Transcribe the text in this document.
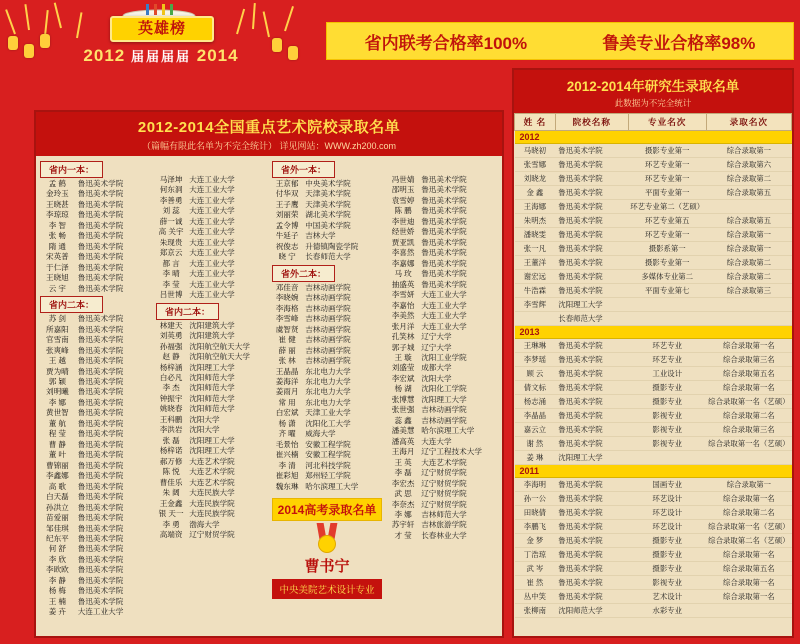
英雄榜
2012 届届届届 2014
省内联考合格率100%	鲁美专业合格率98%
2012-2014全国重点艺术院校录取名单
（篇幅有限此名单为不完全统计） 详见网站：WWW.zh200.com
省内一本：
孟 鹤	鲁迅美术学院
金玲玉	鲁迅美术学院
王晓甚	鲁迅美术学院
李琼琼	鲁迅美术学院
李 智	鲁迅美术学院
张 畅	鲁迅美术学院
隋 通	鲁迅美术学院
宋英普	鲁迅美术学院
于仁泽	鲁迅美术学院
王晓旭	鲁迅美术学院
云 宇	鲁迅美术学院
省内二本：
苏 剑	鲁迅美术学院
所嘉阳	鲁迅美术学院
官雪南	鲁迅美术学院
张爽峰	鲁迅美术学院
王 越	鲁迅美术学院
贾为晴	鲁迅美术学院
郭 颖	鲁迅美术学院
刘明曦	鲁迅美术学院
李 娜	鲁迅美术学院
黄世智	鲁迅美术学院
董 航	鲁迅美术学院
程 莹	鲁迅美术学院
曹 静	鲁迅美术学院
董 叶	鲁迅美术学院
曹锦丽	鲁迅美术学院
李鑫娜	鲁迅美术学院
高 歌	鲁迅美术学院
白天磊	鲁迅美术学院
孙洪立	鲁迅美术学院
苗爱丽	鲁迅美术学院
邹佳琪	鲁迅美术学院
纪东平	鲁迅美术学院
何 舒	鲁迅美术学院
李 欣	鲁迅美术学院
李欧欧	鲁迅美术学院
李 静	鲁迅美术学院
杨 梅	鲁迅美术学院
王 楠	鲁迅美术学院
姜 卉	大连工业大学
马泽坤	大连工业大学
何东洞	大连工业大学
李善勇	大连工业大学
刘 蕊	大连工业大学
薛一诚	大连工业大学
高 关宇	大连工业大学
朱现贵	大连工业大学
郑京云	大连工业大学
都 言	大连工业大学
李 晴	大连工业大学
李 莹	大连工业大学
吕世博	大连工业大学
省内二本：
林建天	沈阳建筑大学
刘英勇	沈阳建筑大学
孙福强	沈阳航空航天大学
赵 静	沈阳航空航天大学
杨梓涵	沈阳理工大学
白必凡	沈阳师范大学
李 杰	沈阳师范大学
钟振宇	沈阳师范大学
姚晓春	沈阳师范大学
王科鹏	沈阳大学
李洪岩	沈阳大学
张 磊	沈阳理工大学
杨梓诺	沈阳理工大学
郝万修	大连艺术学院
陈 悦	大连艺术学院
曹佳乐	大连艺术学院
朱 阔	大连民族大学
王金鑫	大连民族学院
银 天一	大连民族学院
李 勇	渤海大学
高端资	辽宁财贸学院
省外一本：
王京郁	中央美术学院
付华双	天津美术学院
王子鹰	天津美术学院
刘丽荣	湖北美术学院
孟令博	中国美术学院
牛延子	吉林大学
祝俊志	升德镇陶瓷学院
晓 宁	长春师范大学
省外二本：
邓佳音	吉林动画学院
李晓婉	吉林动画学院
李海格	吉林动画学院
李雪峰	吉林动画学院
虞智贤	吉林动画学院
崔 健	吉林动画学院
薛 丽	吉林动画学院
张 林	吉林动画学院
王晶晶	东北电力大学
姜海洋	东北电力大学
姜雨月	东北电力大学
常 用	东北电力大学
白宏斌	天津工业大学
杨 潇	沈阳化工大学
齐 曜	威海大学
毛景怡	安徽工程学院
崔兴楠	安徽工程学院
李 清	河北科技学院
崔彩旭	郑州轻工学院
魏东琳	哈尔滨理工大学
2014高考录取名单
曹书宁
中央美院艺术设计专业
冯世婧	鲁迅美术学院
邵明玉	鲁迅美术学院
袁雪婷	鲁迅美术学院
陈 鹏	鲁迅美术学院
李世迪	鲁迅美术学院
经世娇	鲁迅美术学院
贾亚凯	鲁迅美术学院
李喜然	鲁迅美术学院
李嘉娜	鲁迅美术学院
马 玫	鲁迅美术学院
抽盛英	鲁迅美术学院
李雪妍	大连工业大学
李嘉怡	大连工业大学
李美然	大连工业大学
张月洋	大连工业大学
孔笑林	辽宁大学
郭子城	辽宁大学
王 璇	沈阳工业学院
刘盛莹	成都大学
李宏斌	沈阳大学
杨 湖	沈阳化工学院
张博慧	沈阳理工大学
张世强	吉林动画学院
蕊 鑫	吉林动画学院
潘美慧	哈尔滨理工大学
潘高英	大连大学
王海月	辽宁工程技术大学
王 英	大连艺术学院
李 磊	辽宁财贸学院
李宏杰	辽宁财贸学院
武 思	辽宁财贸学院
李奈杰	辽宁财贸学院
李 娜	吉林师范大学
苏宇轩	吉林旅游学院
才 莹	长春林业大学
2012-2014年研究生录取名单
此数据为不完全统计
姓 名	院校名称	专业名次	录取名次
2012			
马晓初	鲁迅美术学院	摄影专业第一	综合录取第一
张雪娜	鲁迅美术学院	环艺专业第一	综合录取第六
刘晓龙	鲁迅美术学院	环艺专业第一	综合录取第二
金 鑫	鲁迅美术学院	平面专业第一	综合录取第五
王海娜	鲁迅美术学院	环艺专业第二（艺硕）	
朱明杰	鲁迅美术学院	环艺专业第五	综合录取第五
潘晓雯	鲁迅美术学院	环艺专业第一	综合录取第一
张一凡	鲁迅美术学院	摄影系第一	综合录取第一
王董洋	鲁迅美术学院	摄影专业第一	综合录取第二
谢宏远	鲁迅美术学院	多媒体专业第二	综合录取第二
牛浩霖	鲁迅美术学院	平面专业第七	综合录取第三
李雪辉	沈阳理工大学		
	长春师范大学		
2013			
王琳琳	鲁迅美术学院	环艺专业	综合录取第一名
李梦瑶	鲁迅美术学院	环艺专业	综合录取第三名
顾 云	鲁迅美术学院	工业设计	综合录取第五名
倩文标	鲁迅美术学院	摄影专业	综合录取第一名
杨志涌	鲁迅美术学院	摄影专业	综合录取第一名（艺硕）
李晶晶	鲁迅美术学院	影视专业	综合录取第二名
嘉云立	鲁迅美术学院	影视专业	综合录取第三名
谢 然	鲁迅美术学院	影视专业	综合录取第一名（艺硕）
姜 琳	沈阳理工大学		
2011			
李海明	鲁迅美术学院	国画专业	综合录取第一
孙一公	鲁迅美术学院	环艺设计	综合录取第一名
田晓倩	鲁迅美术学院	环艺设计	综合录取第二名
李鹏飞	鲁迅美术学院	环艺设计	综合录取第一名（艺硕）
金 梦	鲁迅美术学院	摄影专业	综合录取第二名（艺硕）
丁浩琼	鲁迅美术学院	摄影专业	综合录取第一名
武 岑	鲁迅美术学院	摄影专业	综合录取第五名
崔 然	鲁迅美术学院	影视专业	综合录取第一名
丛中笑	鲁迅美术学院	艺术设计	综合录取第一名
张柳南	沈阳师范大学	水彩专业	
